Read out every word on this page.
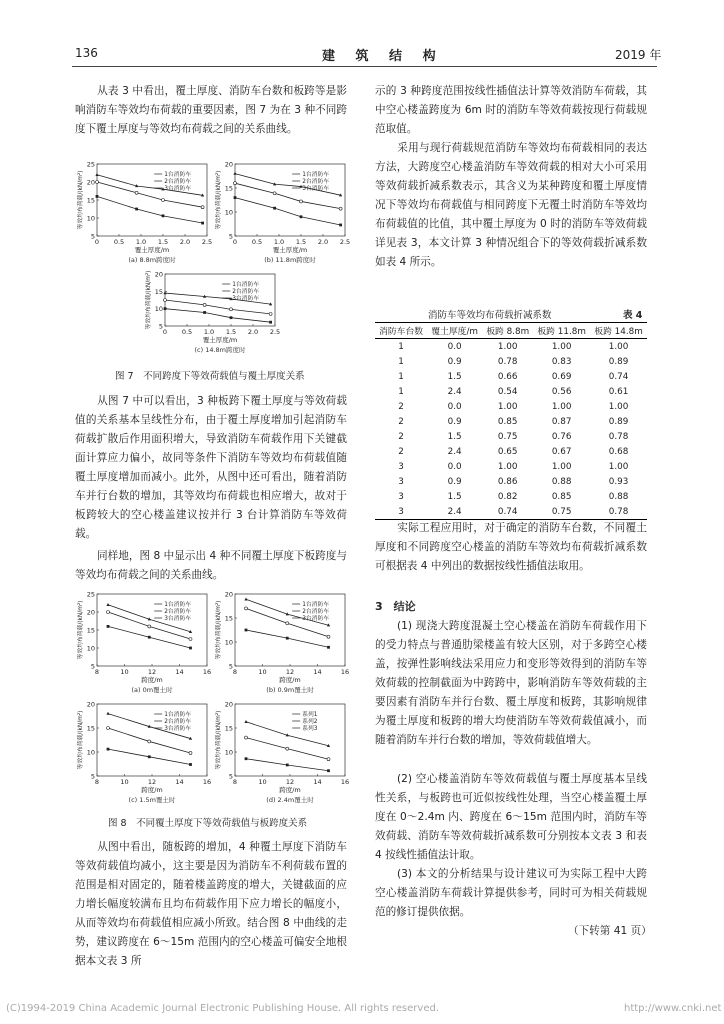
136	建 筑 结 构	2019 年

从表 3 中看出，覆土厚度、消防车台数和板跨等是影响消防车等效均布荷载的重要因素，图 7 为在 3 种不同跨度下覆土厚度与等效均布荷载之间的关系曲线。

5
10
15
20
25
0 0.5 1.0 1.5 2.0 2.5
覆土厚度/m
等效均布荷载/(kN/m²)
(a) 8.8m跨度时
1台消防车
2台消防车
3台消防车
5
10
15
20
0 0.5 1.0 1.5 2.0 2.5
覆土厚度/m
等效均布荷载/(kN/m²)
(b) 11.8m跨度时
1台消防车
2台消防车
3台消防车
5
10
15
20
0 0.5 1.0 1.5 2.0 2.5
覆土厚度/m
等效均布荷载/(kN/m²)
(c) 14.8m跨度时
1台消防车
2台消防车
3台消防车
图 7　不同跨度下等效荷载值与覆土厚度关系

从图 7 中可以看出，3 种板跨下覆土厚度与等效荷载值的关系基本呈线性分布，由于覆土厚度增加引起消防车荷载扩散后作用面积增大，导致消防车荷载作用下关键截面计算应力偏小，故同等条件下消防车等效均布荷载值随覆土厚度增加而减小。此外，从图中还可看出，随着消防车并行台数的增加，其等效均布荷载也相应增大，故对于板跨较大的空心楼盖建议按并行 3 台计算消防车等效荷载。

同样地，图 8 中显示出 4 种不同覆土厚度下板跨度与等效均布荷载之间的关系曲线。

5
10
15
20
25
8	10	12	14	16
跨度/m
等效均布荷载/(kN/m²)
(a) 0m覆土时
1台消防车
2台消防车
3台消防车
5
10
15
20
8	10	12	14	16
跨度/m
等效均布荷载/(kN/m²)
(b) 0.9m覆土时
1台消防车
2台消防车
3台消防车
5
10
15
20
8	10	12	14	16
跨度/m
等效均布荷载/(kN/m²)
(c) 1.5m覆土时
1台消防车
2台消防车
3台消防车
5
10
15
20
8	10	12	14	16
跨度/m
等效均布荷载/(kN/m²)
(d) 2.4m覆土时
系列1
系列2
系列3
图 8　不同覆土厚度下等效荷载值与板跨度关系

从图中看出，随板跨的增加，4 种覆土厚度下消防车等效荷载值均减小，这主要是因为消防车不利荷载布置的范围是相对固定的，随着楼盖跨度的增大，关键截面的应力增长幅度较满布且均布荷载作用下应力增长的幅度小，从而等效均布荷载值相应减小所致。结合图 8 中曲线的走势，建议跨度在 6～15m 范围内的空心楼盖可偏安全地根据本文表 3 所

示的 3 种跨度范围按线性插值法计算等效消防车荷载，其中空心楼盖跨度为 6m 时的消防车等效荷载按现行荷载规范取值。

采用与现行荷载规范消防车等效均布荷载相同的表达方法，大跨度空心楼盖消防车等效荷载的相对大小可采用等效荷载折减系数表示，其含义为某种跨度和覆土厚度情况下等效均布荷载值与相同跨度下无覆土时消防车等效均布荷载值的比值，其中覆土厚度为 0 时的消防车等效荷载详见表 3，本文计算 3 种情况组合下的等效荷载折减系数如表 4 所示。

消防车等效均布荷载折减系数	表 4
消防车台数	覆土厚度/m	板跨 8.8m	板跨 11.8m	板跨 14.8m
1	0.0	1.00	1.00	1.00
1	0.9	0.78	0.83	0.89
1	1.5	0.66	0.69	0.74
1	2.4	0.54	0.56	0.61
2	0.0	1.00	1.00	1.00
2	0.9	0.85	0.87	0.89
2	1.5	0.75	0.76	0.78
2	2.4	0.65	0.67	0.68
3	0.0	1.00	1.00	1.00
3	0.9	0.86	0.88	0.93
3	1.5	0.82	0.85	0.88
3	2.4	0.74	0.75	0.78

实际工程应用时，对于确定的消防车台数，不同覆土厚度和不同跨度空心楼盖的消防车等效均布荷载折减系数可根据表 4 中列出的数据按线性插值法取用。

3　结论

(1) 现浇大跨度混凝土空心楼盖在消防车荷载作用下的受力特点与普通肋梁楼盖有较大区别，对于多跨空心楼盖，按弹性影响线法采用应力和变形等效得到的消防车等效荷载的控制截面为中跨跨中，影响消防车等效荷载的主要因素有消防车并行台数、覆土厚度和板跨，其影响规律为覆土厚度和板跨的增大均使消防车等效荷载值减小，而随着消防车并行台数的增加，等效荷载值增大。

(2) 空心楼盖消防车等效荷载值与覆土厚度基本呈线性关系，与板跨也可近似按线性处理，当空心楼盖覆土厚度在 0～2.4m 内、跨度在 6～15m 范围内时，消防车等效荷载、消防车等效荷载折减系数可分别按本文表 3 和表 4 按线性插值法计取。

(3) 本文的分析结果与设计建议可为实际工程中大跨空心楼盖消防车荷载计算提供参考，同时可为相关荷载规范的修订提供依据。

（下转第 41 页）
(C)1994-2019 China Academic Journal Electronic Publishing House. All rights reserved.	http://www.cnki.net
